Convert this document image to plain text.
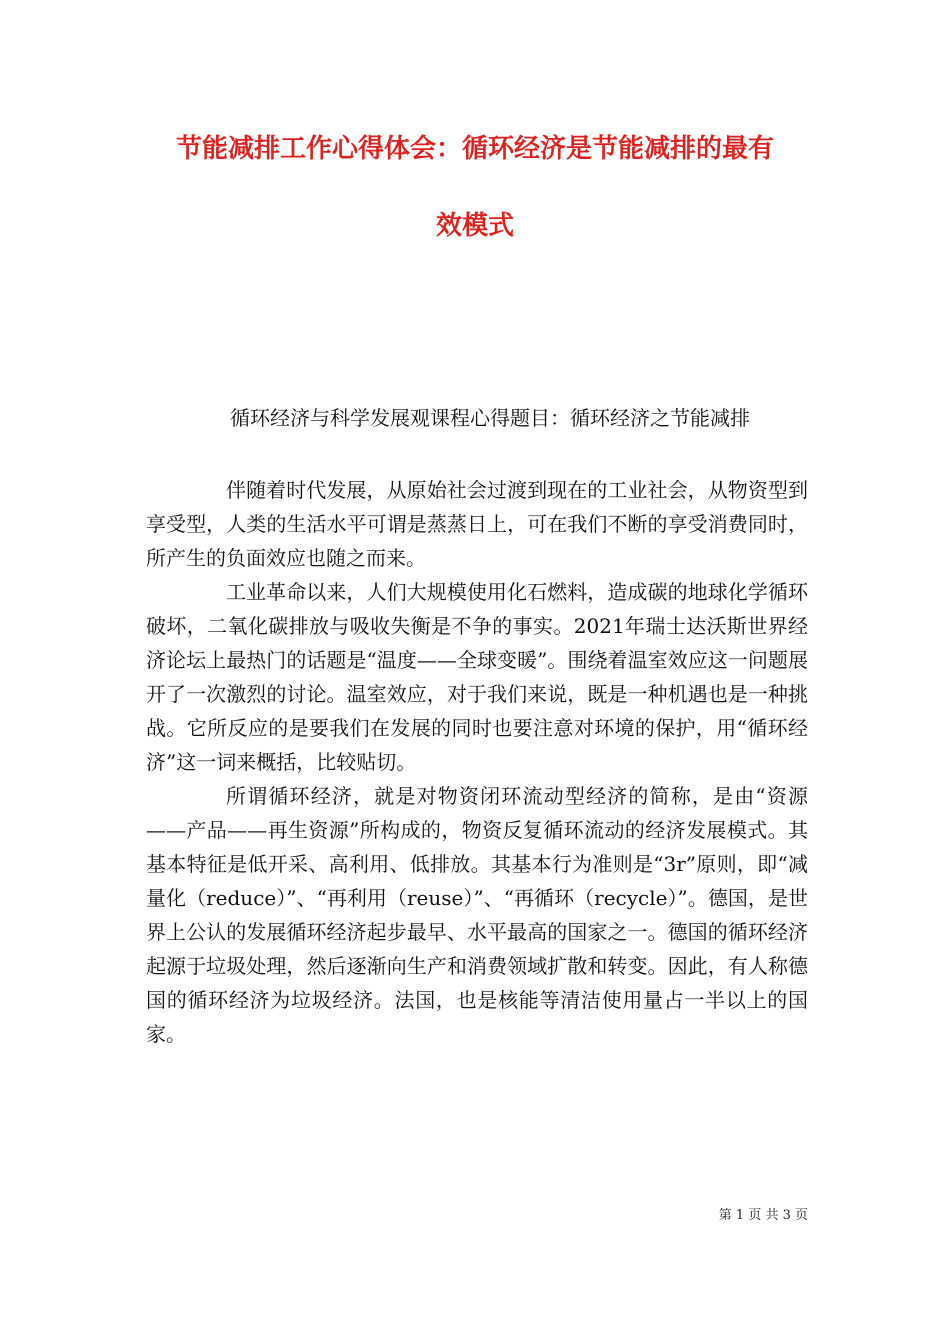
节能减排工作心得体会：循环经济是节能减排的最有
效模式

循环经济与科学发展观课程心得题目：循环经济之节能减排

伴随着时代发展，从原始社会过渡到现在的工业社会，从物资型到享受型，人类的生活水平可谓是蒸蒸日上，可在我们不断的享受消费同时，所产生的负面效应也随之而来。

工业革命以来，人们大规模使用化石燃料，造成碳的地球化学循环破坏，二氧化碳排放与吸收失衡是不争的事实。2021年瑞士达沃斯世界经济论坛上最热门的话题是“温度——全球变暖”。围绕着温室效应这一问题展开了一次激烈的讨论。温室效应，对于我们来说，既是一种机遇也是一种挑战。它所反应的是要我们在发展的同时也要注意对环境的保护，用“循环经济”这一词来概括，比较贴切。

所谓循环经济，就是对物资闭环流动型经济的简称，是由“资源——产品——再生资源”所构成的，物资反复循环流动的经济发展模式。其基本特征是低开采、高利用、低排放。其基本行为准则是“3r”原则，即“减量化（reduce）”、“再利用（reuse）”、“再循环（recycle）”。德国，是世界上公认的发展循环经济起步最早、水平最高的国家之一。德国的循环经济起源于垃圾处理，然后逐渐向生产和消费领域扩散和转变。因此，有人称德国的循环经济为垃圾经济。法国，也是核能等清洁使用量占一半以上的国家。

第 1 页 共 3 页
